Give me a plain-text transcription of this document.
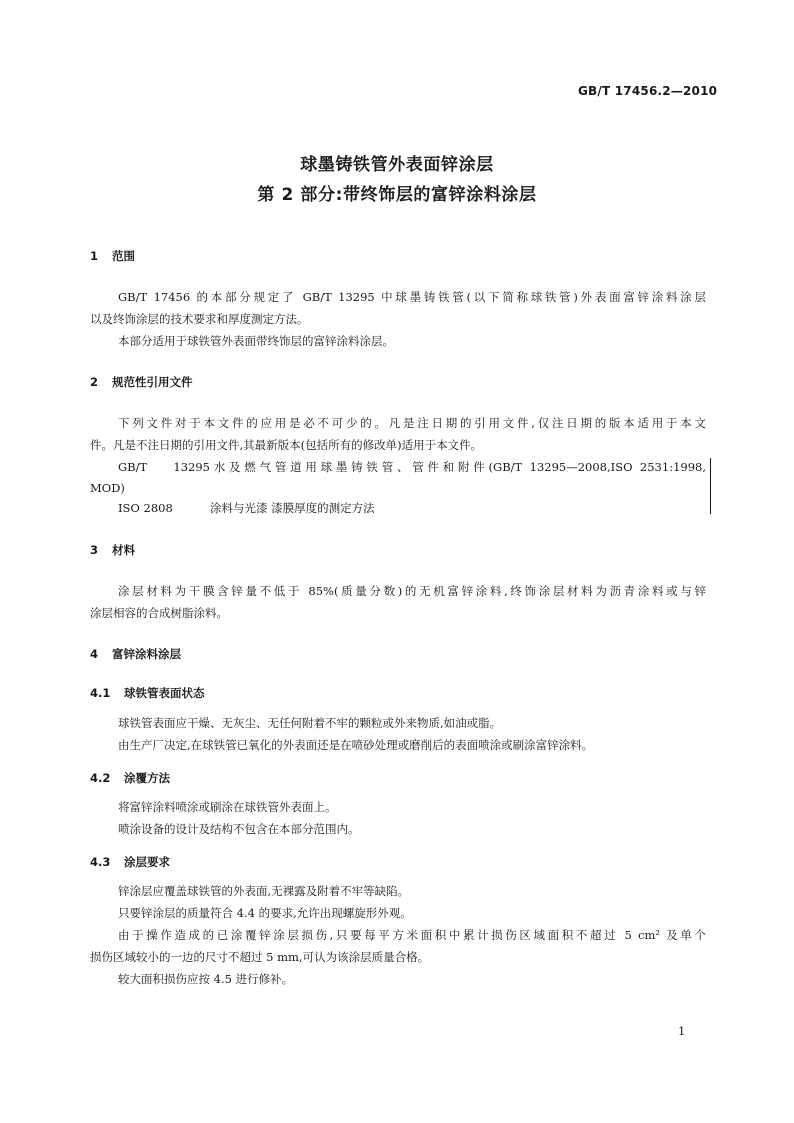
GB/T 17456.2—2010
球墨铸铁管外表面锌涂层
第 2 部分:带终饰层的富锌涂料涂层
1 范围
GB/T 17456 的本部分规定了 GB/T 13295 中球墨铸铁管(以下简称球铁管)外表面富锌涂料涂层
以及终饰涂层的技术要求和厚度测定方法。
本部分适用于球铁管外表面带终饰层的富锌涂料涂层。
2 规范性引用文件
下列文件对于本文件的应用是必不可少的。凡是注日期的引用文件,仅注日期的版本适用于本文
件。凡是不注日期的引用文件,其最新版本(包括所有的修改单)适用于本文件。
GB/T 13295水及燃气管道用球墨铸铁管、管件和附件(GB/T 13295—2008,ISO 2531:1998,
MOD)
ISO 2808	涂料与光漆 漆膜厚度的测定方法
3 材料
涂层材料为干膜含锌量不低于 85%(质量分数)的无机富锌涂料,终饰涂层材料为沥青涂料或与锌
涂层相容的合成树脂涂料。
4 富锌涂料涂层
4.1 球铁管表面状态
球铁管表面应干燥、无灰尘、无任何附着不牢的颗粒或外来物质,如油或脂。
由生产厂决定,在球铁管已氧化的外表面还是在喷砂处理或磨削后的表面喷涂或刷涂富锌涂料。
4.2 涂覆方法
将富锌涂料喷涂或刷涂在球铁管外表面上。
喷涂设备的设计及结构不包含在本部分范围内。
4.3 涂层要求
锌涂层应覆盖球铁管的外表面,无裸露及附着不牢等缺陷。
只要锌涂层的质量符合 4.4 的要求,允许出现螺旋形外观。
由于操作造成的已涂覆锌涂层损伤,只要每平方米面积中累计损伤区域面积不超过 5 cm² 及单个
损伤区域较小的一边的尺寸不超过 5 mm,可认为该涂层质量合格。
较大面积损伤应按 4.5 进行修补。
1
